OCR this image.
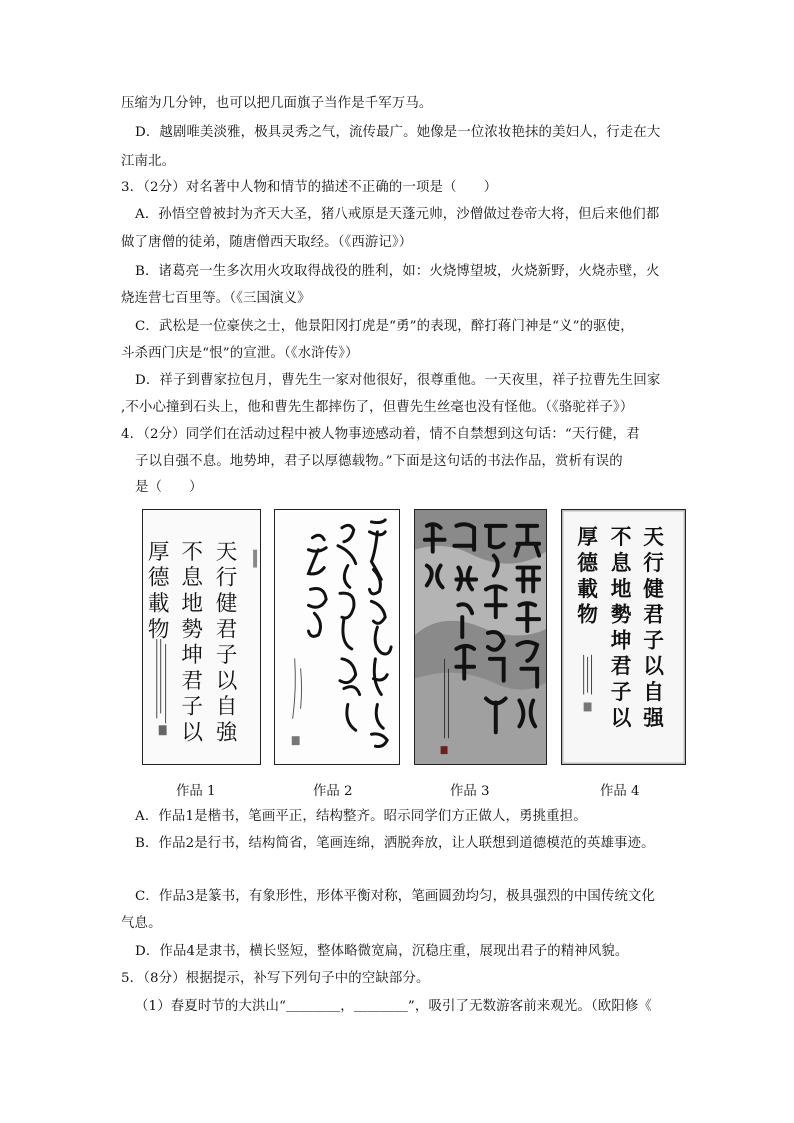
压缩为几分钟，也可以把几面旗子当作是千军万马。
D．越剧唯美淡雅，极具灵秀之气，流传最广。她像是一位浓妆艳抹的美妇人，行走在大
江南北。
3．（2分）对名著中人物和情节的描述不正确的一项是（　　）
A．孙悟空曾被封为齐天大圣，猪八戒原是天蓬元帅，沙僧做过卷帝大将，但后来他们都
做了唐僧的徒弟，随唐僧西天取经。（《西游记》）
B．诸葛亮一生多次用火攻取得战役的胜利，如：火烧博望坡，火烧新野，火烧赤壁，火
烧连营七百里等。（《三国演义》
C．武松是一位豪侠之士，他景阳冈打虎是“勇”的表现，醉打蒋门神是“义”的驱使，
斗杀西门庆是“恨”的宣泄。（《水浒传》）
D．祥子到曹家拉包月，曹先生一家对他很好，很尊重他。一天夜里，祥子拉曹先生回家
,不小心撞到石头上，他和曹先生都摔伤了，但曹先生丝毫也没有怪他。（《骆驼祥子》）
4．（2分）同学们在活动过程中被人物事迹感动着，情不自禁想到这句话：“天行健，君
子以自强不息。地势坤，君子以厚德载物。”下面是这句话的书法作品，赏析有误的
是（　　）
A．作品1是楷书，笔画平正，结构整齐。昭示同学们方正做人，勇挑重担。
B．作品2是行书，结构简省，笔画连绵，洒脱奔放，让人联想到道德模范的英雄事迹。
C．作品3是篆书，有象形性，形体平衡对称，笔画圆劲均匀，极具强烈的中国传统文化
气息。
D．作品4是隶书，横长竖短，整体略微宽扁，沉稳庄重，展现出君子的精神风貌。
5．（8分）根据提示，补写下列句子中的空缺部分。
（1）春夏时节的大洪山“＿＿＿＿，＿＿＿＿”，吸引了无数游客前来观光。（欧阳修《
天行健君子以自強
不息地勢坤君子以
厚德載物	天行健君子以自强
不息地勢坤君子以
厚德載物
作品 1	作品 2	作品 3	作品 4
